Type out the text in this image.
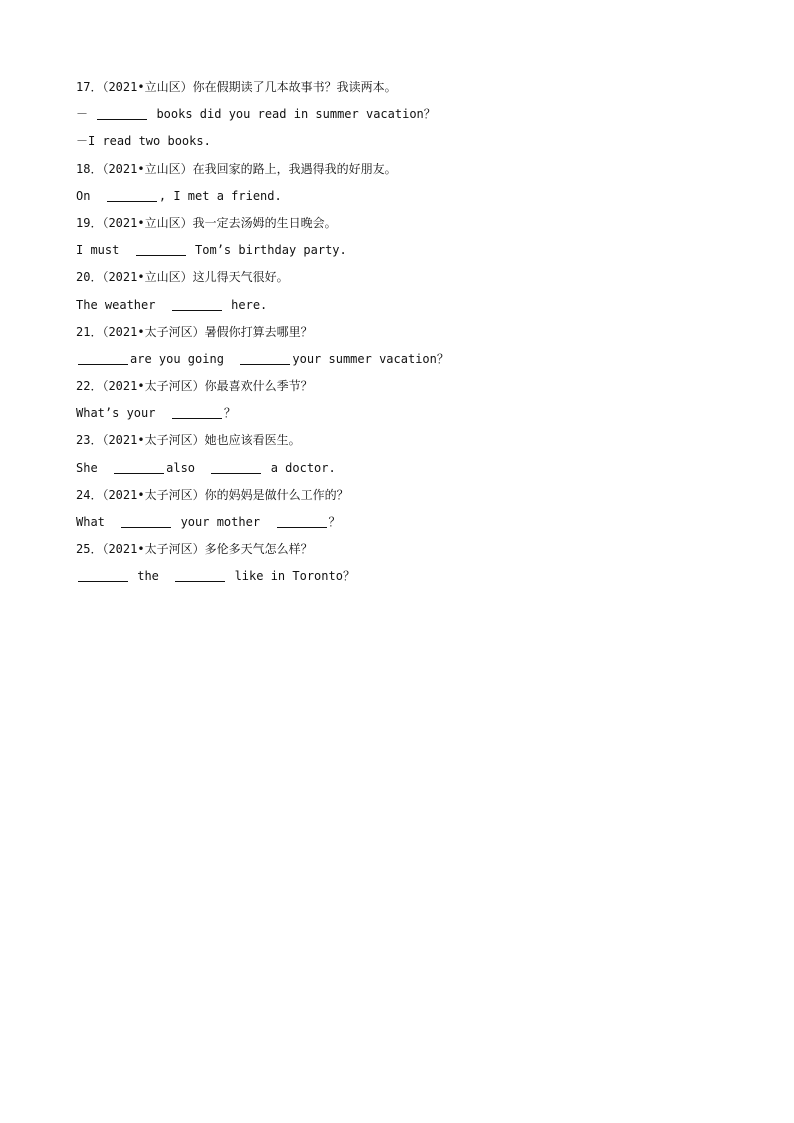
17．（2021•立山区）你在假期读了几本故事书？我读两本。
－	books did you read in summer vacation？
－I read two books.
18．（2021•立山区）在我回家的路上，我遇得我的好朋友。
On	, I met a friend.
19．（2021•立山区）我一定去汤姆的生日晚会。
I must	Tom’s birthday party.
20．（2021•立山区）这儿得天气很好。
The weather	here.
21．（2021•太子河区）暑假你打算去哪里？
are you going	your summer vacation？
22．（2021•太子河区）你最喜欢什么季节？
What’s your	？
23．（2021•太子河区）她也应该看医生。
She	also	a doctor.
24．（2021•太子河区）你的妈妈是做什么工作的？
What	your mother	？
25．（2021•太子河区）多伦多天气怎么样？
the	like in Toronto？
